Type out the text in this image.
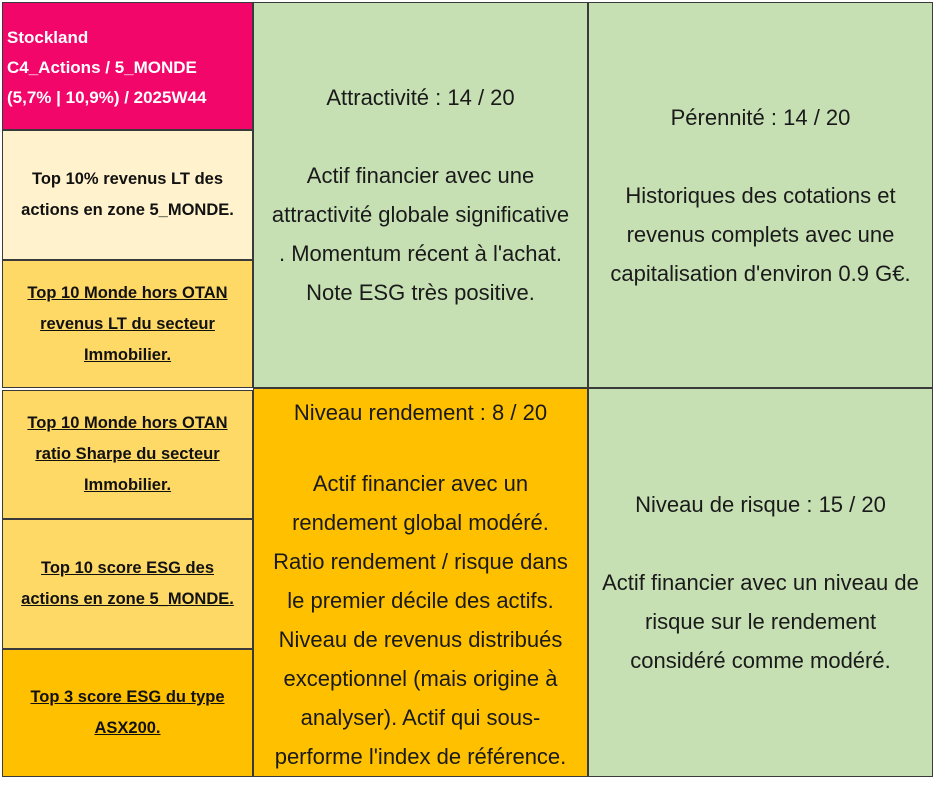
Stockland
C4_Actions / 5_MONDE
(5,7% | 10,9%) / 2025W44
Top 10% revenus LT des
actions en zone 5_MONDE.
Top 10 Monde hors OTAN
revenus LT du secteur
Immobilier.
Top 10 Monde hors OTAN
ratio Sharpe du secteur
Immobilier.
Top 10 score ESG des
actions en zone 5_MONDE.
Top 3 score ESG du type
ASX200.
Attractivité : 14 / 20
Actif financier avec une
attractivité globale significative
. Momentum récent à l'achat.
Note ESG très positive.
Pérennité : 14 / 20
Historiques des cotations et
revenus complets avec une
capitalisation d'environ 0.9 G€.
Niveau rendement : 8 / 20
Actif financier avec un
rendement global modéré.
Ratio rendement / risque dans
le premier décile des actifs.
Niveau de revenus distribués
exceptionnel (mais origine à
analyser). Actif qui sous-
performe l'index de référence.
Niveau de risque : 15 / 20
Actif financier avec un niveau de
risque sur le rendement
considéré comme modéré.
